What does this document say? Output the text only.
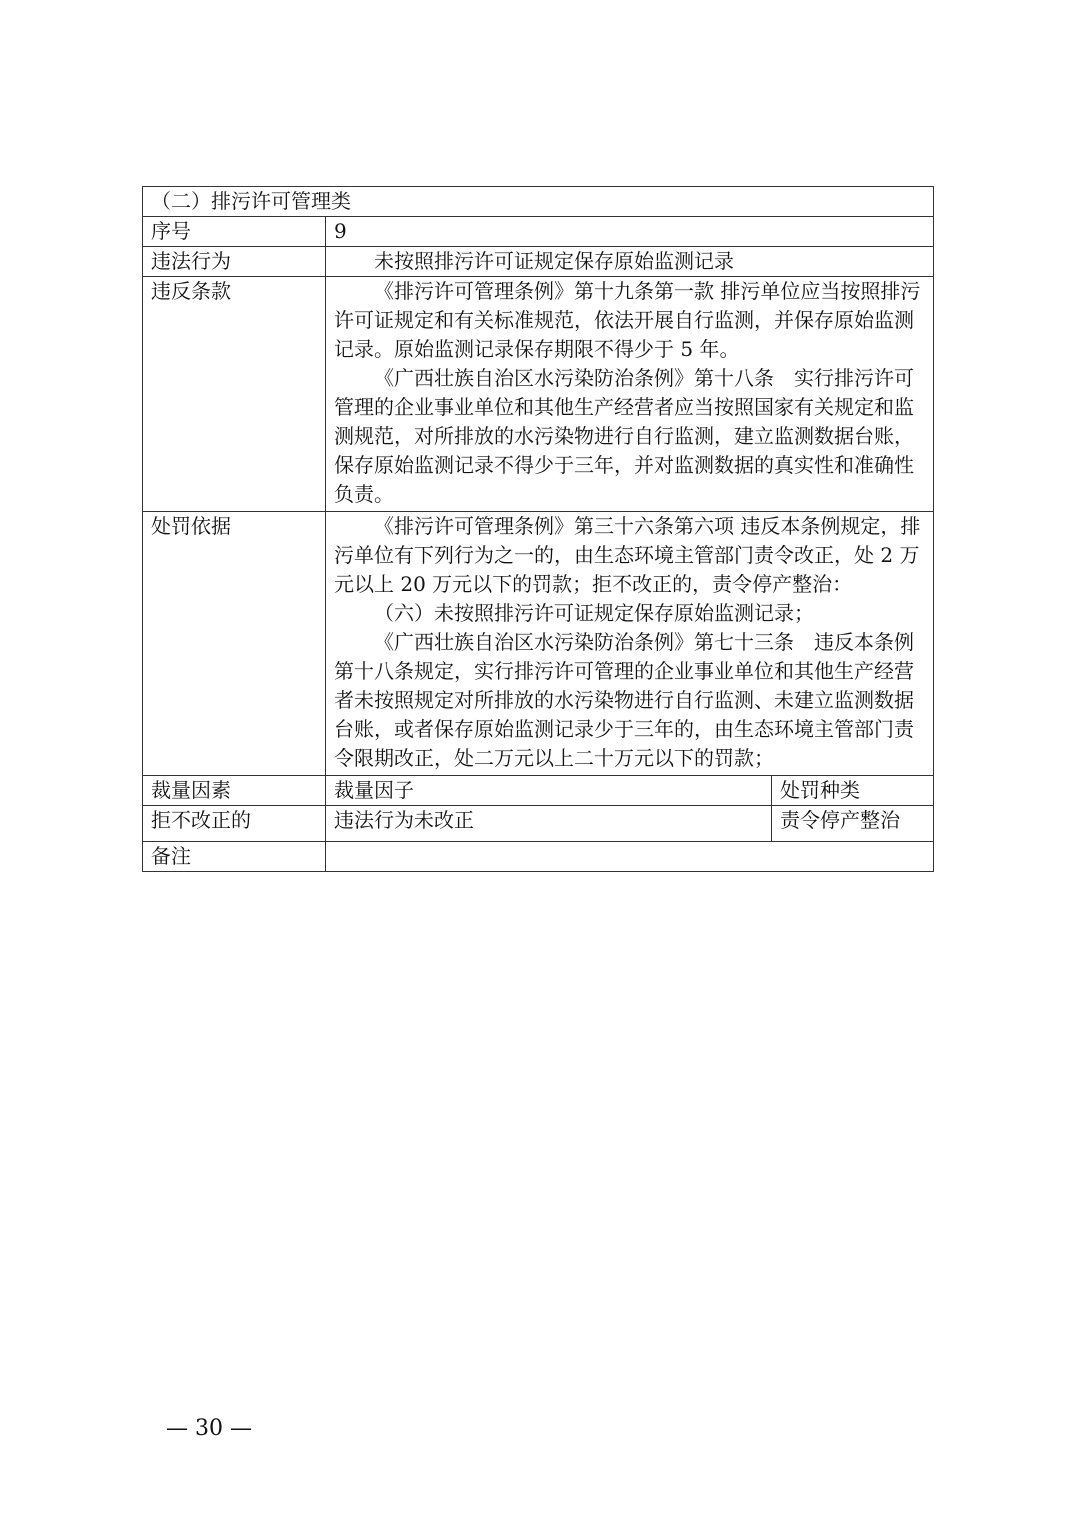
（二）排污许可管理类		
序号	9	
违法行为	未按照排污许可证规定保存原始监测记录	

违反条款	《排污许可管理条例》第十九条第一款 排污单位应当按照排污许可证规定和有关标准规范，依法开展自行监测，并保存原始监测记录。原始监测记录保存期限不得少于 5 年。
《广西壮族自治区水污染防治条例》第十八条　实行排污许可管理的企业事业单位和其他生产经营者应当按照国家有关规定和监测规范，对所排放的水污染物进行自行监测，建立监测数据台账，保存原始监测记录不得少于三年，并对监测数据的真实性和准确性负责。	

处罚依据	《排污许可管理条例》第三十六条第六项 违反本条例规定，排污单位有下列行为之一的，由生态环境主管部门责令改正，处 2 万元以上 20 万元以下的罚款；拒不改正的，责令停产整治：
（六）未按照排污许可证规定保存原始监测记录；
《广西壮族自治区水污染防治条例》第七十三条　违反本条例第十八条规定，实行排污许可管理的企业事业单位和其他生产经营者未按照规定对所排放的水污染物进行自行监测、未建立监测数据台账，或者保存原始监测记录少于三年的，由生态环境主管部门责令限期改正，处二万元以上二十万元以下的罚款；	

裁量因素	裁量因子	处罚种类
拒不改正的	违法行为未改正	责令停产整治
备注		
— 30 —
